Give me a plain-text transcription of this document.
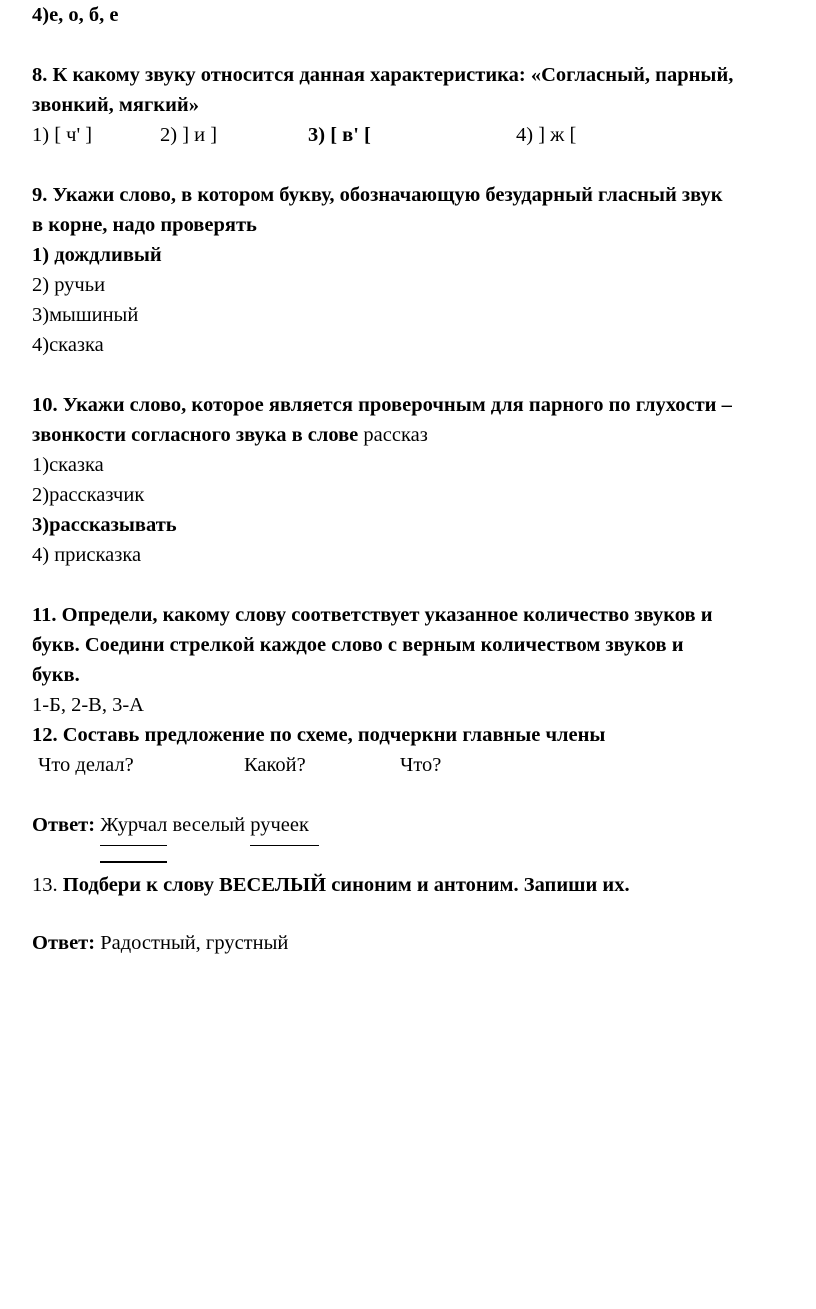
4)е, о, б, е
8. К какому звуку относится данная характеристика: «Согласный, парный,
звонкий, мягкий»
1) [ ч' ]	2) ] и ]	3) [ в' [	4) ] ж [
9. Укажи слово, в котором букву, обозначающую безударный гласный звук
в корне, надо проверять
1) дождливый
2) ручьи
3)мышиный
4)сказка
10. Укажи слово, которое является проверочным для парного по глухости –
звонкости согласного звука в слове рассказ
1)сказка
2)рассказчик
3)рассказывать
4) присказка
11. Определи, какому слову соответствует указанное количество звуков и
букв. Соедини стрелкой каждое слово с верным количеством звуков и
букв.
1-Б, 2-В, 3-А
12. Составь предложение по схеме, подчеркни главные члены
Что делал?	Какой?	Что?
Ответ: Журчал веселый ручеек
13. Подбери к слову ВЕСЕЛЫЙ синоним и антоним. Запиши их.
Ответ: Радостный, грустный
